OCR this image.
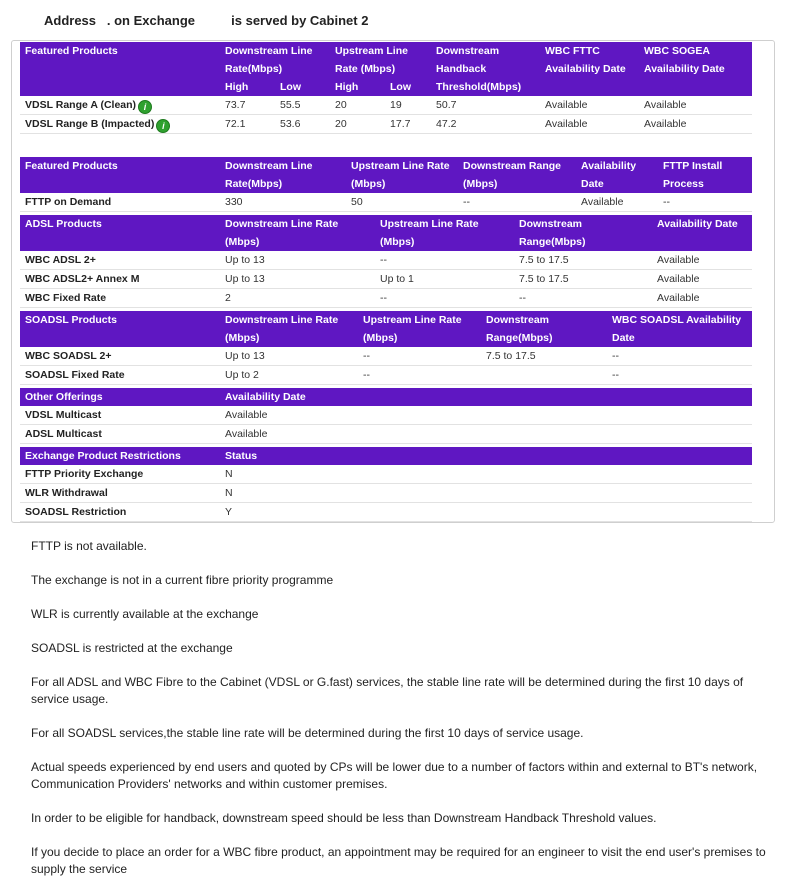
Address . on Exchange	is served by Cabinet 2
Featured Products	Downstream Line Rate(Mbps)		Upstream Line Rate (Mbps)		Downstream Handback Threshold(Mbps)	WBC FTTC Availability Date	WBC SOGEA Availability Date
	High	Low	High	Low			
VDSL Range A (Clean) i	73.7	55.5	20	19	50.7	Available	Available
VDSL Range B (Impacted) i	72.1	53.6	20	17.7	47.2	Available	Available
Featured Products	Downstream Line Rate(Mbps)	Upstream Line Rate (Mbps)	Downstream Range (Mbps)	Availability Date	FTTP Install Process
FTTP on Demand	330	50	--	Available	--
ADSL Products	Downstream Line Rate (Mbps)	Upstream Line Rate (Mbps)	Downstream Range(Mbps)	Availability Date
WBC ADSL 2+	Up to 13	--	7.5 to 17.5	Available
WBC ADSL2+ Annex M	Up to 13	Up to 1	7.5 to 17.5	Available
WBC Fixed Rate	2	--	--	Available
SOADSL Products	Downstream Line Rate (Mbps)	Upstream Line Rate (Mbps)	Downstream Range(Mbps)	WBC SOADSL Availability Date
WBC SOADSL 2+	Up to 13	--	7.5 to 17.5	--
SOADSL Fixed Rate	Up to 2	--		--
Other Offerings	Availability Date
VDSL Multicast	Available
ADSL Multicast	Available
Exchange Product Restrictions	Status
FTTP Priority Exchange	N
WLR Withdrawal	N
SOADSL Restriction	Y

FTTP is not available.

The exchange is not in a current fibre priority programme

WLR is currently available at the exchange

SOADSL is restricted at the exchange

For all ADSL and WBC Fibre to the Cabinet (VDSL or G.fast) services, the stable line rate will be determined during the first 10 days of service usage.

For all SOADSL services,the stable line rate will be determined during the first 10 days of service usage.

Actual speeds experienced by end users and quoted by CPs will be lower due to a number of factors within and external to BT's network, Communication Providers' networks and within customer premises.

In order to be eligible for handback, downstream speed should be less than Downstream Handback Threshold values.

If you decide to place an order for a WBC fibre product, an appointment may be required for an engineer to visit the end user's premises to supply the service
